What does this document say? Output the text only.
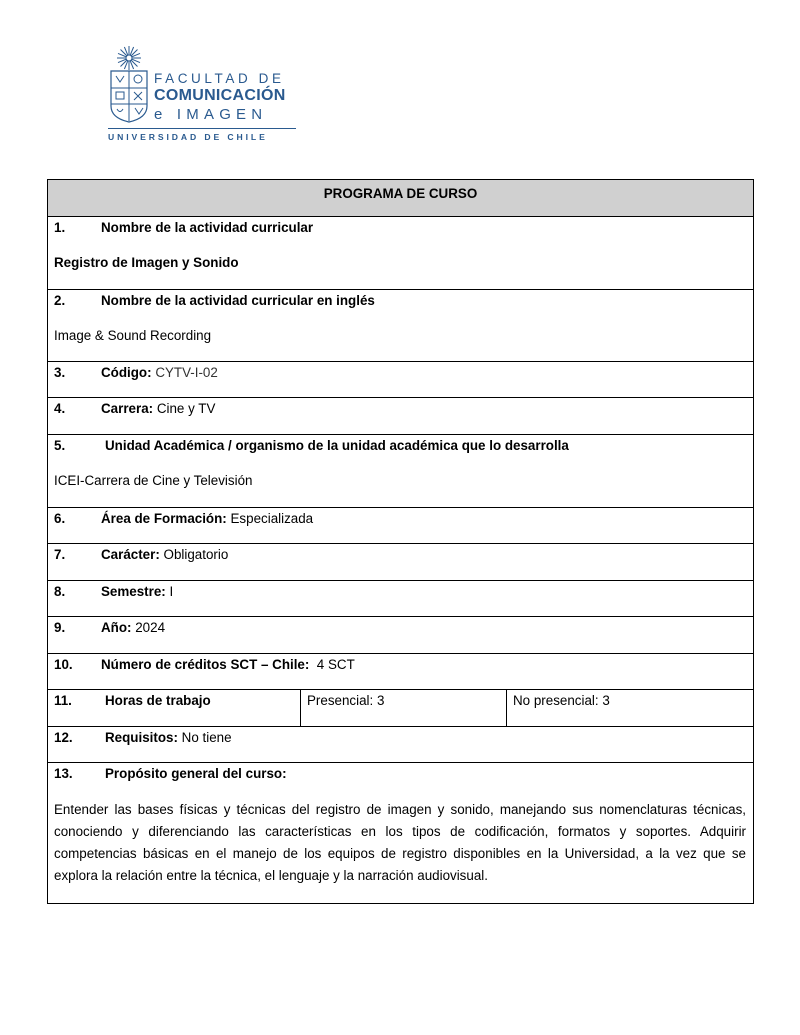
FACULTAD DE
COMUNICACIÓN
e IMAGEN
UNIVERSIDAD DE CHILE
PROGRAMA DE CURSO
1.	Nombre de la actividad curricular
Registro de Imagen y Sonido
2.	Nombre de la actividad curricular en inglés
Image & Sound Recording
3.	Código: CYTV-I-02
4.	Carrera: Cine y TV
5.	Unidad Académica / organismo de la unidad académica que lo desarrolla
ICEI-Carrera de Cine y Televisión
6.	Área de Formación: Especializada
7.	Carácter: Obligatorio
8.	Semestre: I
9.	Año: 2024
10. Número de créditos SCT – Chile: 4 SCT
11. Horas de trabajo	Presencial: 3	No presencial: 3
12. Requisitos: No tiene
13. Propósito general del curso:
Entender las bases físicas y técnicas del registro de imagen y sonido, manejando sus nomenclaturas técnicas, conociendo y diferenciando las características en los tipos de codificación, formatos y soportes. Adquirir competencias básicas en el manejo de los equipos de registro disponibles en la Universidad, a la vez que se explora la relación entre la técnica, el lenguaje y la narración audiovisual.
